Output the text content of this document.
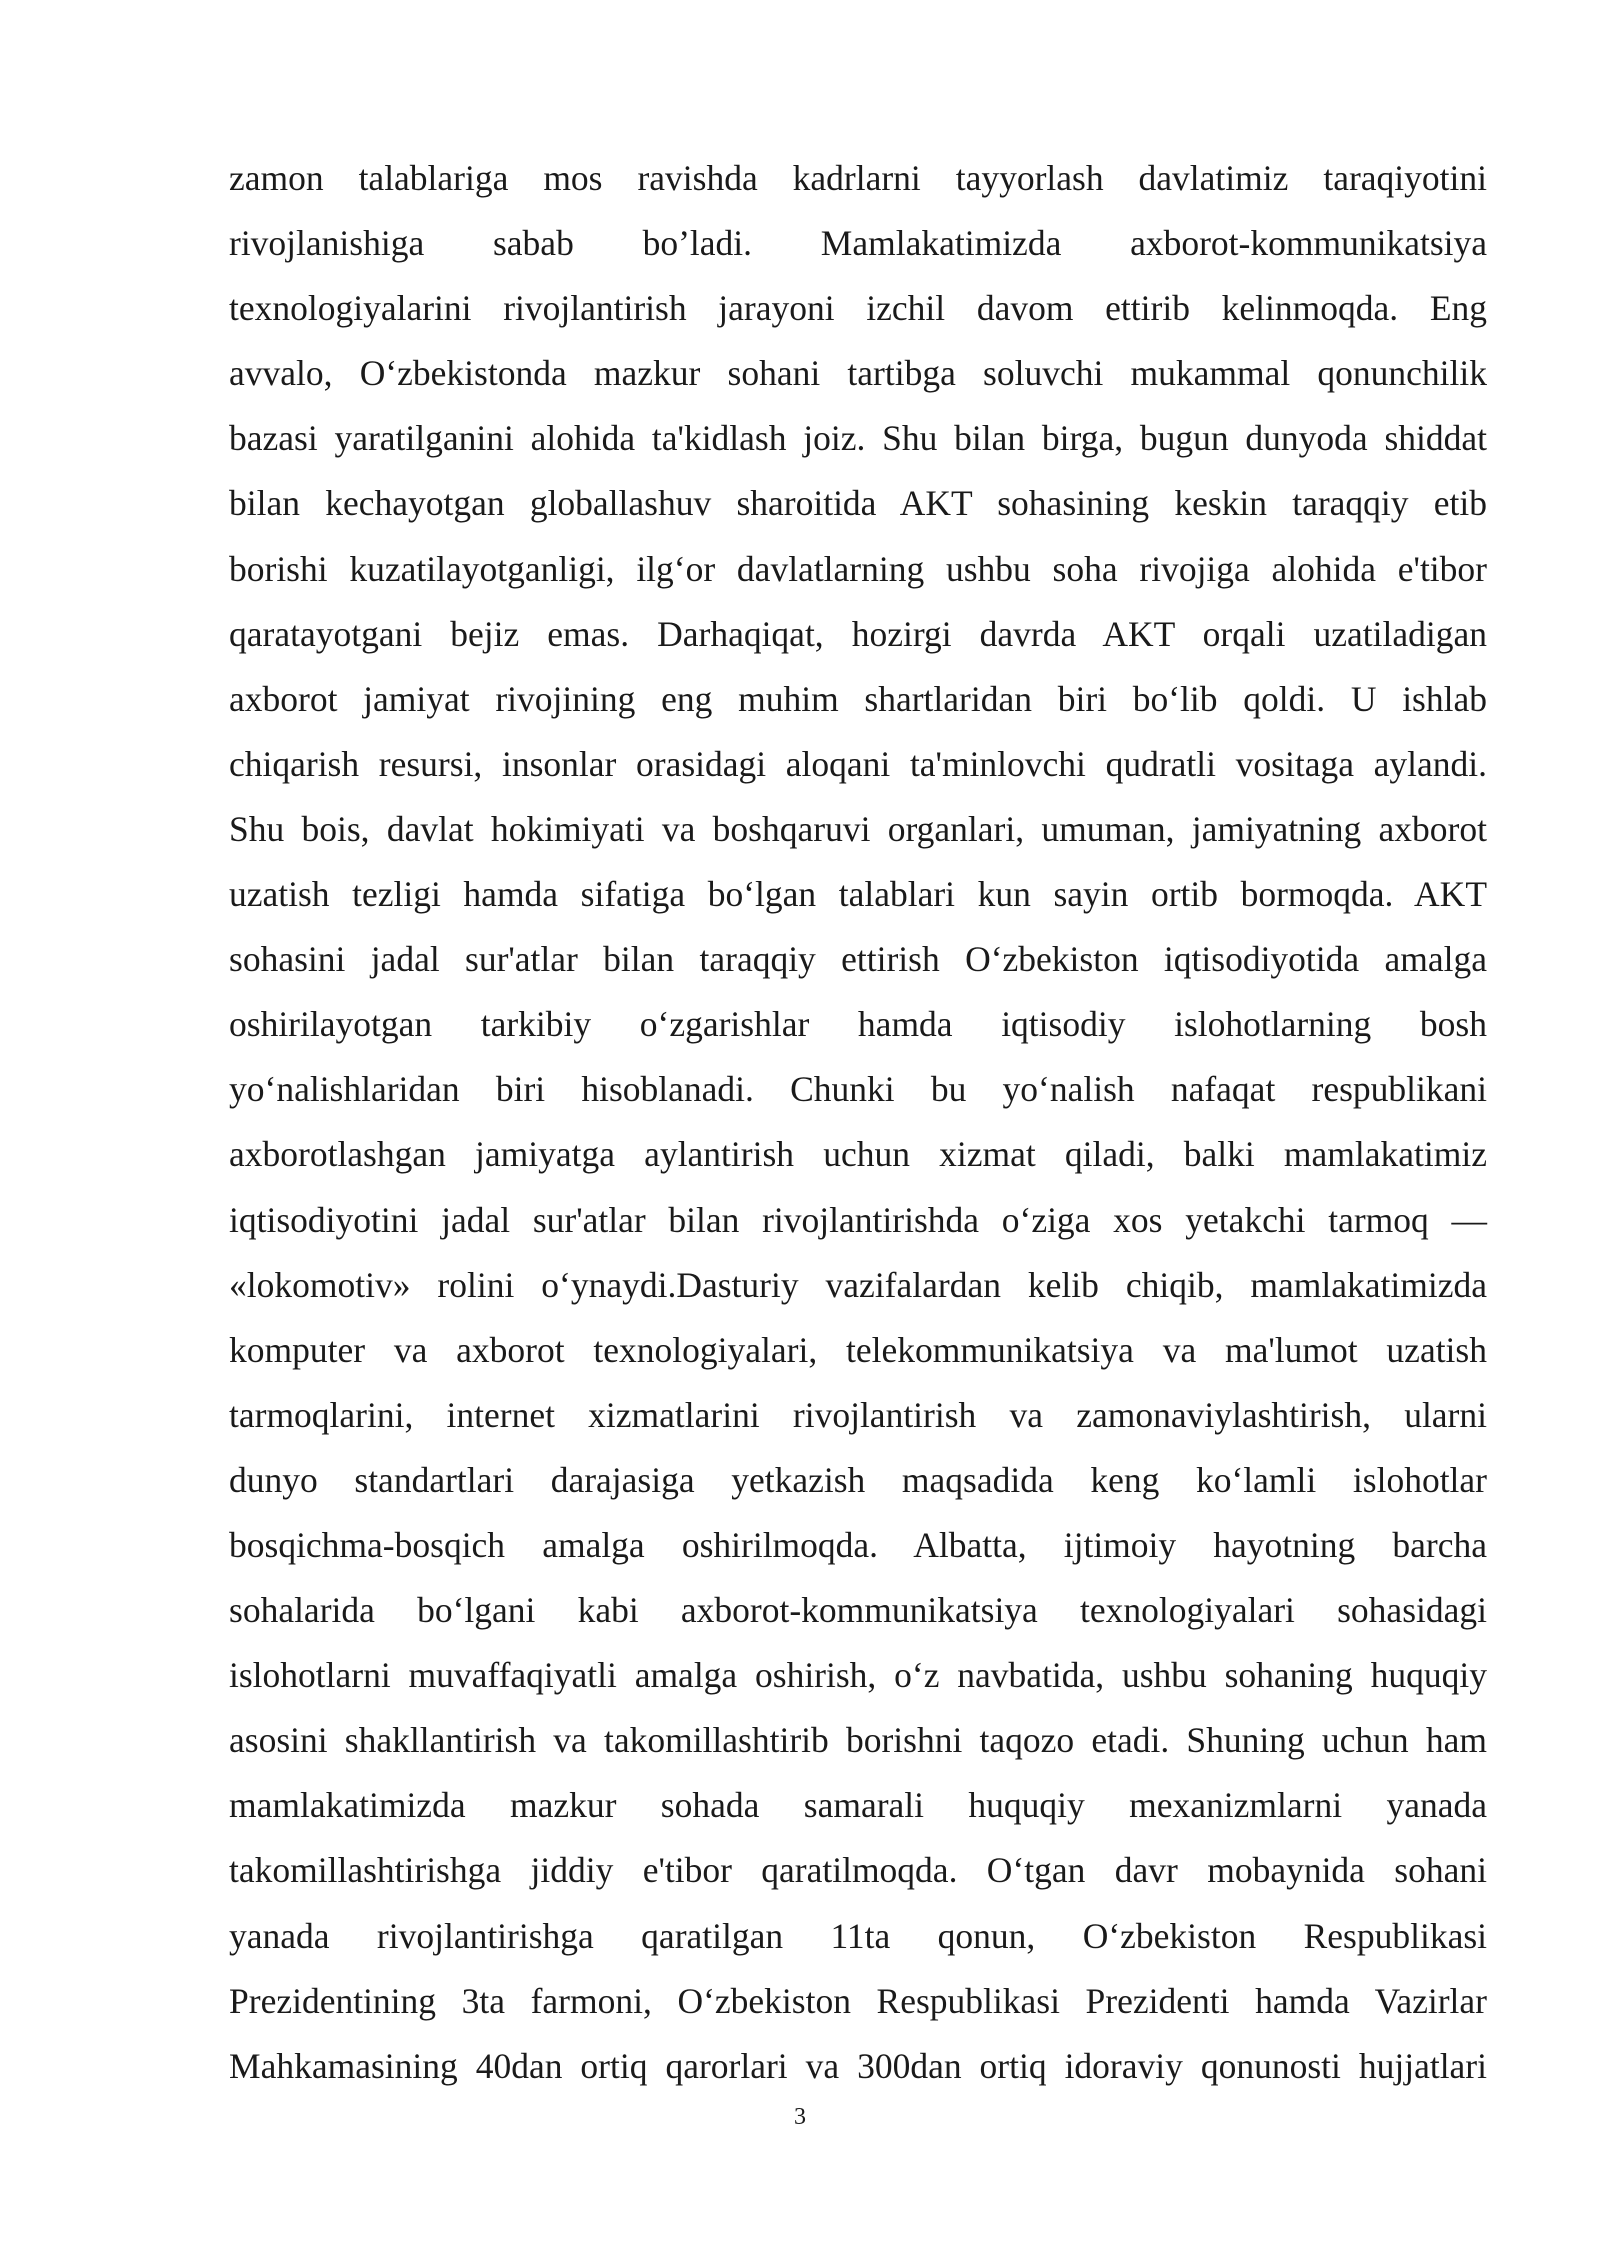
zamon talablariga mos ravishda kadrlarni tayyorlash davlatimiz taraqiyotini
rivojlanishiga sabab bo’ladi. Mamlakatimizda axborot-kommunikatsiya
texnologiyalarini rivojlantirish jarayoni izchil davom ettirib kelinmoqda. Eng
avvalo, O‘zbekistonda mazkur sohani tartibga soluvchi mukammal qonunchilik
bazasi yaratilganini alohida ta'kidlash joiz. Shu bilan birga, bugun dunyoda shiddat
bilan kechayotgan globallashuv sharoitida AKT sohasining keskin taraqqiy etib
borishi kuzatilayotganligi, ilg‘or davlatlarning ushbu soha rivojiga alohida e'tibor
qaratayotgani bejiz emas. Darhaqiqat, hozirgi davrda AKT orqali uzatiladigan
axborot jamiyat rivojining eng muhim shartlaridan biri bo‘lib qoldi. U ishlab
chiqarish resursi, insonlar orasidagi aloqani ta'minlovchi qudratli vositaga aylandi.
Shu bois, davlat hokimiyati va boshqaruvi organlari, umuman, jamiyatning axborot
uzatish tezligi hamda sifatiga bo‘lgan talablari kun sayin ortib bormoqda. AKT
sohasini jadal sur'atlar bilan taraqqiy ettirish O‘zbekiston iqtisodiyotida amalga
oshirilayotgan tarkibiy o‘zgarishlar hamda iqtisodiy islohotlarning bosh
yo‘nalishlaridan biri hisoblanadi. Chunki bu yo‘nalish nafaqat respublikani
axborotlashgan jamiyatga aylantirish uchun xizmat qiladi, balki mamlakatimiz
iqtisodiyotini jadal sur'atlar bilan rivojlantirishda o‘ziga xos yetakchi tarmoq —
«lokomotiv» rolini o‘ynaydi.Dasturiy vazifalardan kelib chiqib, mamlakatimizda
komputer va axborot texnologiyalari, telekommunikatsiya va ma'lumot uzatish
tarmoqlarini, internet xizmatlarini rivojlantirish va zamonaviylashtirish, ularni
dunyo standartlari darajasiga yetkazish maqsadida keng ko‘lamli islohotlar
bosqichma-bosqich amalga oshirilmoqda. Albatta, ijtimoiy hayotning barcha
sohalarida bo‘lgani kabi axborot-kommunikatsiya texnologiyalari sohasidagi
islohotlarni muvaffaqiyatli amalga oshirish, o‘z navbatida, ushbu sohaning huquqiy
asosini shakllantirish va takomillashtirib borishni taqozo etadi. Shuning uchun ham
mamlakatimizda mazkur sohada samarali huquqiy mexanizmlarni yanada
takomillashtirishga jiddiy e'tibor qaratilmoqda. O‘tgan davr mobaynida sohani
yanada rivojlantirishga qaratilgan 11ta qonun, O‘zbekiston Respublikasi
Prezidentining 3ta farmoni, O‘zbekiston Respublikasi Prezidenti hamda Vazirlar
Mahkamasining 40dan ortiq qarorlari va 300dan ortiq idoraviy qonunosti hujjatlari
3
